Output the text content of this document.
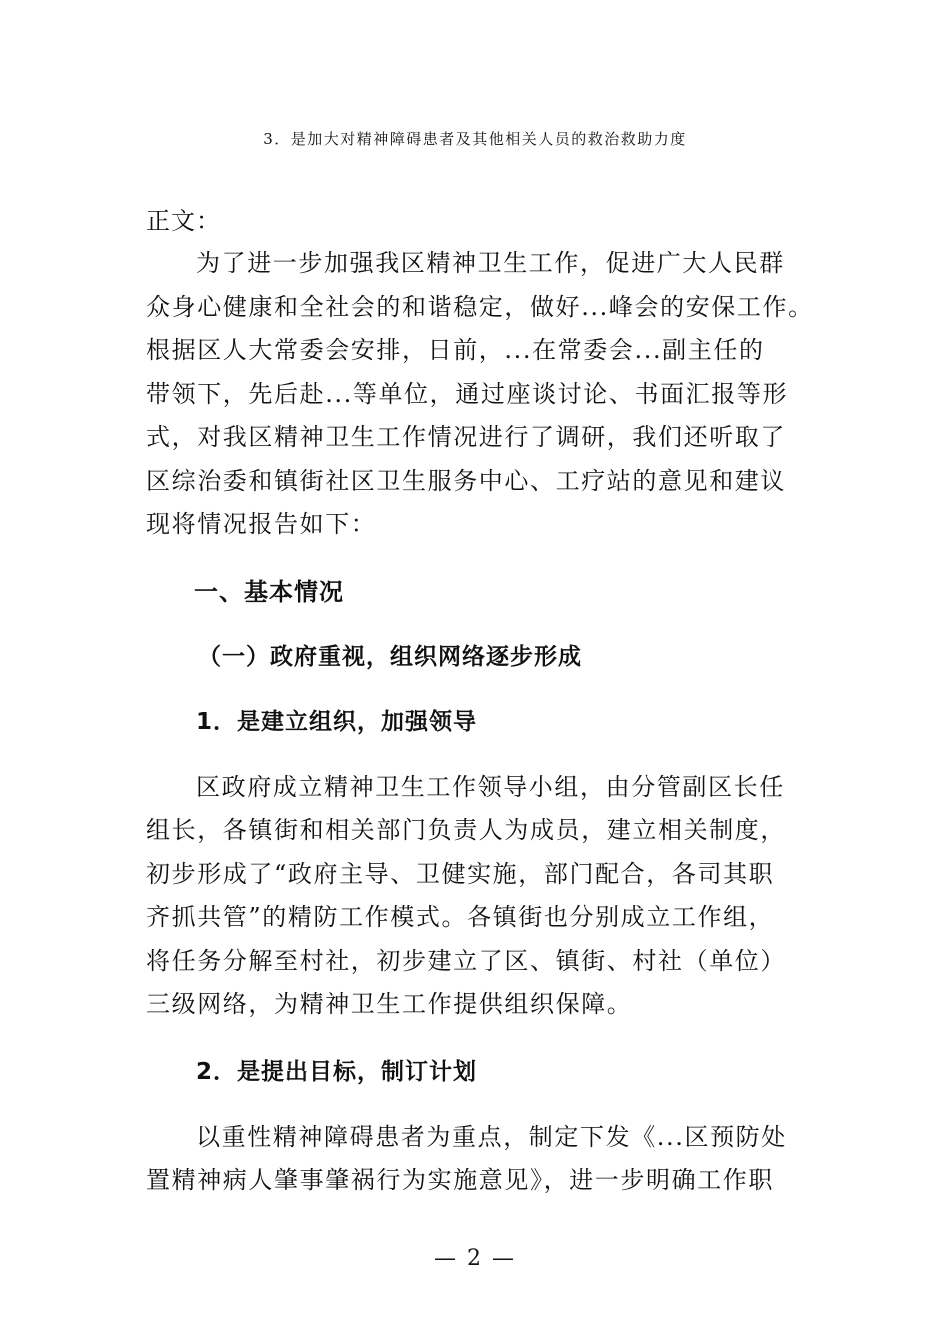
3．是加大对精神障碍患者及其他相关人员的救治救助力度

正文：

为了进一步加强我区精神卫生工作，促进广大人民群
众身心健康和全社会的和谐稳定，做好...峰会的安保工作。
根据区人大常委会安排，日前，...在常委会...副主任的
带领下，先后赴...等单位，通过座谈讨论、书面汇报等形
式，对我区精神卫生工作情况进行了调研，我们还听取了
区综治委和镇街社区卫生服务中心、工疗站的意见和建议
现将情况报告如下：
一、基本情况
（一）政府重视，组织网络逐步形成
1．是建立组织，加强领导
区政府成立精神卫生工作领导小组，由分管副区长任
组长，各镇街和相关部门负责人为成员，建立相关制度，
初步形成了“政府主导、卫健实施，部门配合，各司其职
齐抓共管”的精防工作模式。各镇街也分别成立工作组，
将任务分解至村社，初步建立了区、镇街、村社（单位）
三级网络，为精神卫生工作提供组织保障。
2．是提出目标，制订计划
以重性精神障碍患者为重点，制定下发《...区预防处
置精神病人肇事肇祸行为实施意见》，进一步明确工作职
— 2 —
